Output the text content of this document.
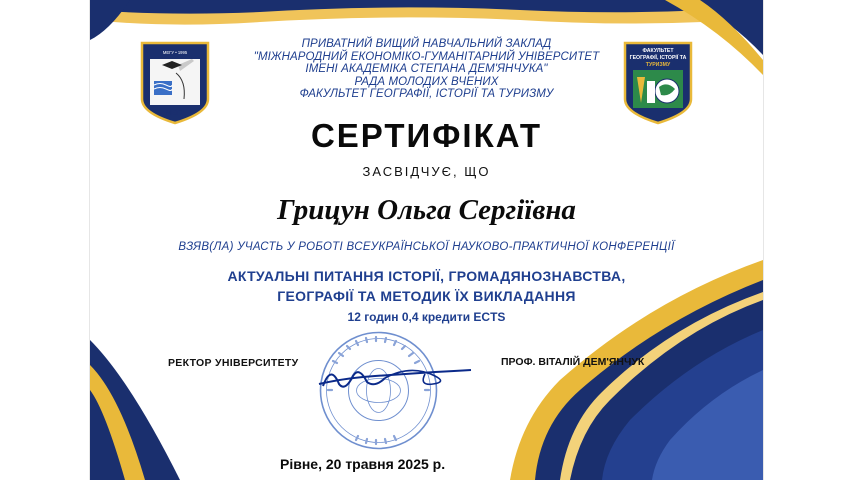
МЕГУ • 1995
МЕГУ
ФАКУЛЬТЕТ
ГЕОГРАФІЇ, ІСТОРІЇ ТА
ТУРИЗМУ
ПРИВАТНИЙ ВИЩИЙ НАВЧАЛЬНИЙ ЗАКЛАД
"МІЖНАРОДНИЙ ЕКОНОМІКО-ГУМАНІТАРНИЙ УНІВЕРСИТЕТ
ІМЕНІ АКАДЕМІКА СТЕПАНА ДЕМ'ЯНЧУКА"
РАДА МОЛОДИХ ВЧЕНИХ
ФАКУЛЬТЕТ ГЕОГРАФІЇ, ІСТОРІЇ ТА ТУРИЗМУ
СЕРТИФІКАТ
ЗАСВІДЧУЄ, ЩО
Грицун Ольга Сергіївна
ВЗЯВ(ЛА) УЧАСТЬ У РОБОТІ ВСЕУКРАЇНСЬКОЇ НАУКОВО-ПРАКТИЧНОЇ КОНФЕРЕНЦІЇ
АКТУАЛЬНІ ПИТАННЯ ІСТОРІЇ, ГРОМАДЯНОЗНАВСТВА,
ГЕОГРАФІЇ ТА МЕТОДИК ЇХ ВИКЛАДАННЯ
12 годин 0,4 кредити ECTS
РЕКТОР УНІВЕРСИТЕТУ	ПРОФ. ВІТАЛІЙ ДЕМ'ЯНЧУК
Рівне, 20 травня 2025 р.
